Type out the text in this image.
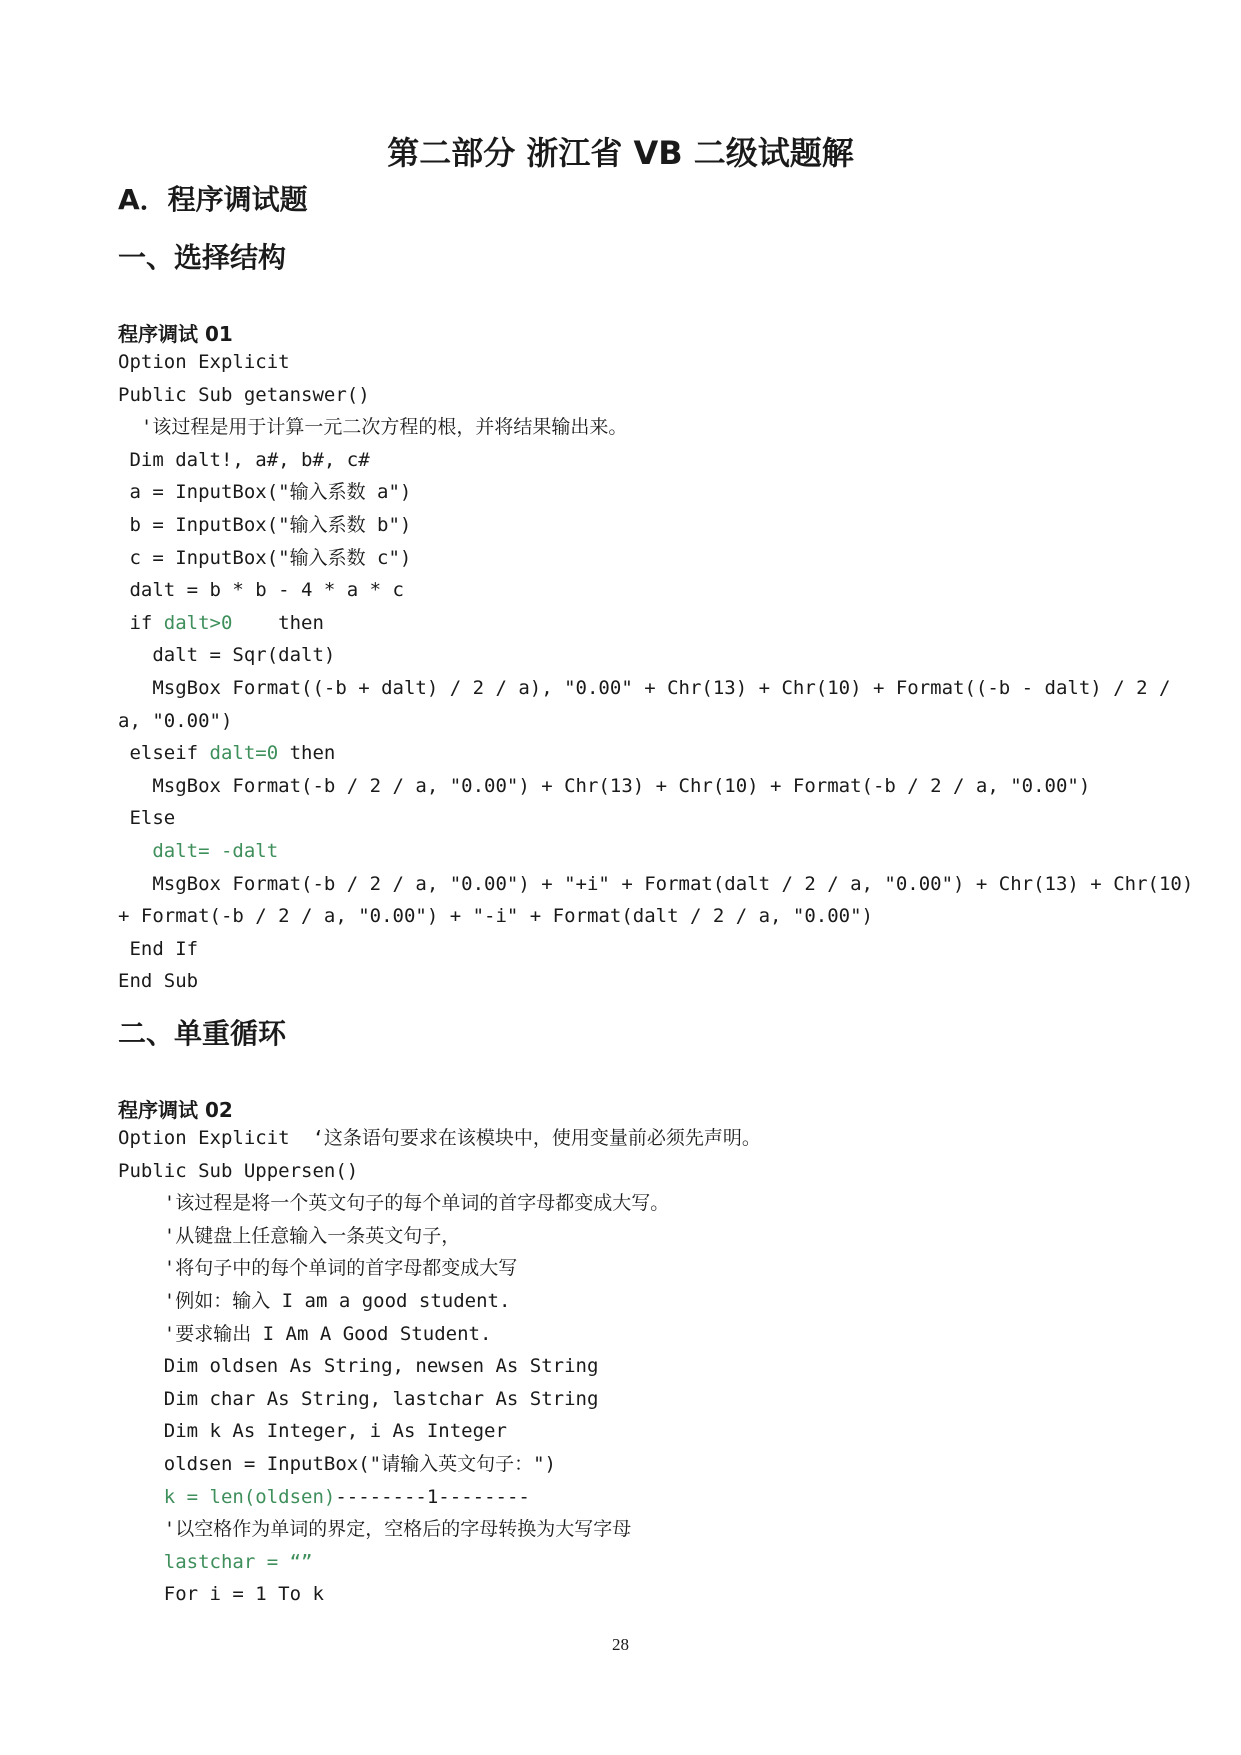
第二部分 浙江省 VB 二级试题解
A．程序调试题
一、选择结构
程序调试 01
Option Explicit
Public Sub getanswer()
'该过程是用于计算一元二次方程的根，并将结果输出来。
Dim dalt!, a#, b#, c#
a = InputBox("输入系数 a")
b = InputBox("输入系数 b")
c = InputBox("输入系数 c")
dalt = b * b - 4 * a * c
if dalt>0    then
dalt = Sqr(dalt)
MsgBox Format((-b + dalt) / 2 / a), "0.00" + Chr(13) + Chr(10) + Format((-b - dalt) / 2 /
a, "0.00")
elseif dalt=0 then
MsgBox Format(-b / 2 / a, "0.00") + Chr(13) + Chr(10) + Format(-b / 2 / a, "0.00")
Else
dalt= -dalt
MsgBox Format(-b / 2 / a, "0.00") + "+i" + Format(dalt / 2 / a, "0.00") + Chr(13) + Chr(10)
+ Format(-b / 2 / a, "0.00") + "-i" + Format(dalt / 2 / a, "0.00")
End If
End Sub
二、单重循环
程序调试 02
Option Explicit  ‘这条语句要求在该模块中，使用变量前必须先声明。
Public Sub Uppersen()
'该过程是将一个英文句子的每个单词的首字母都变成大写。
'从键盘上任意输入一条英文句子，
'将句子中的每个单词的首字母都变成大写
'例如：输入 I am a good student.
'要求输出 I Am A Good Student.
Dim oldsen As String, newsen As String
Dim char As String, lastchar As String
Dim k As Integer, i As Integer
oldsen = InputBox("请输入英文句子：")
k = len(oldsen)--------1--------
'以空格作为单词的界定，空格后的字母转换为大写字母
lastchar = “”
For i = 1 To k
28
